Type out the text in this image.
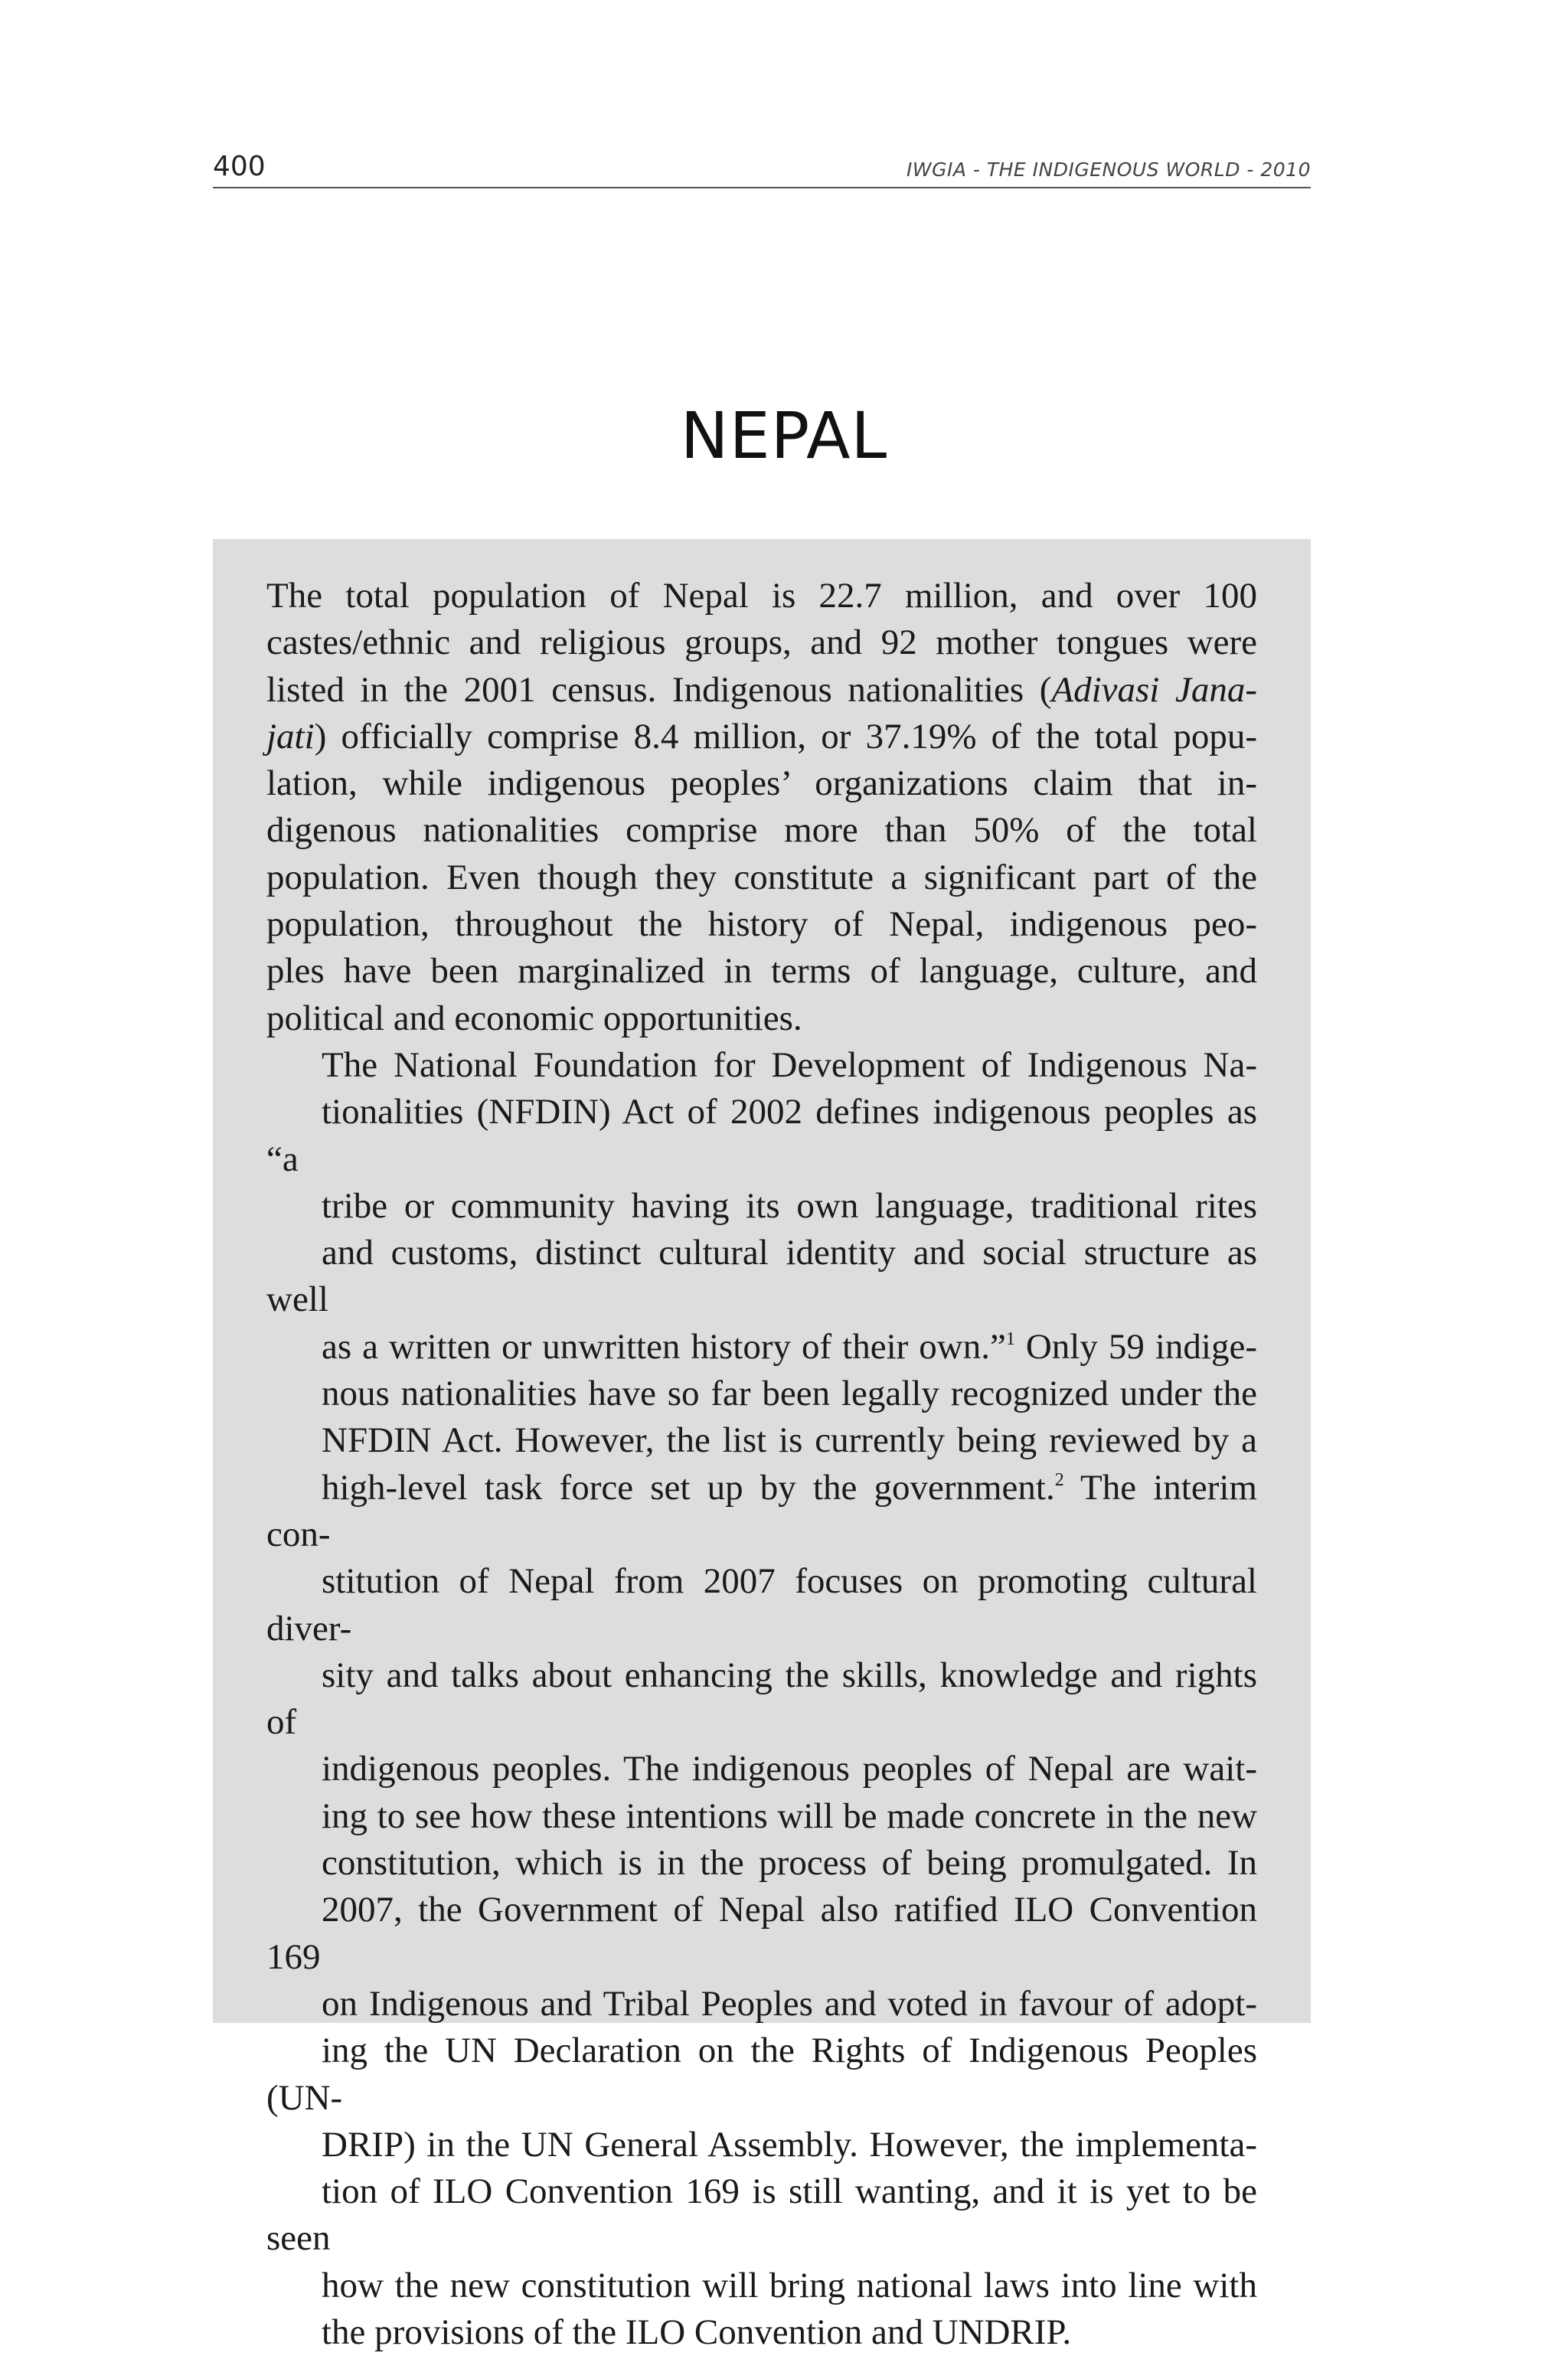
400	IWGIA - THE INDIGENOUS WORLD - 2010
NEPAL

The total population of Nepal is 22.7 million, and over 100
castes/ethnic and religious groups, and 92 mother tongues were
listed in the 2001 census. Indigenous nationalities (Adivasi Jana-
jati) officially comprise 8.4 million, or 37.19% of the total popu-
lation, while indigenous peoples’ organizations claim that in-
digenous nationalities comprise more than 50% of the total
population. Even though they constitute a significant part of the
population, throughout the history of Nepal, indigenous peo-
ples have been marginalized in terms of language, culture, and
political and economic opportunities.

The National Foundation for Development of Indigenous Na-
tionalities (NFDIN) Act of 2002 defines indigenous peoples as “a
tribe or community having its own language, traditional rites
and customs, distinct cultural identity and social structure as well
as a written or unwritten history of their own.”$^1$ Only 59 indige-
nous nationalities have so far been legally recognized under the
NFDIN Act. However, the list is currently being reviewed by a
high-level task force set up by the government.$^2$ The interim con-
stitution of Nepal from 2007 focuses on promoting cultural diver-
sity and talks about enhancing the skills, knowledge and rights of
indigenous peoples. The indigenous peoples of Nepal are wait-
ing to see how these intentions will be made concrete in the new
constitution, which is in the process of being promulgated. In
2007, the Government of Nepal also ratified ILO Convention 169
on Indigenous and Tribal Peoples and voted in favour of adopt-
ing the UN Declaration on the Rights of Indigenous Peoples (UN-
DRIP) in the UN General Assembly. However, the implementa-
tion of ILO Convention 169 is still wanting, and it is yet to be seen
how the new constitution will bring national laws into line with
the provisions of the ILO Convention and UNDRIP.
